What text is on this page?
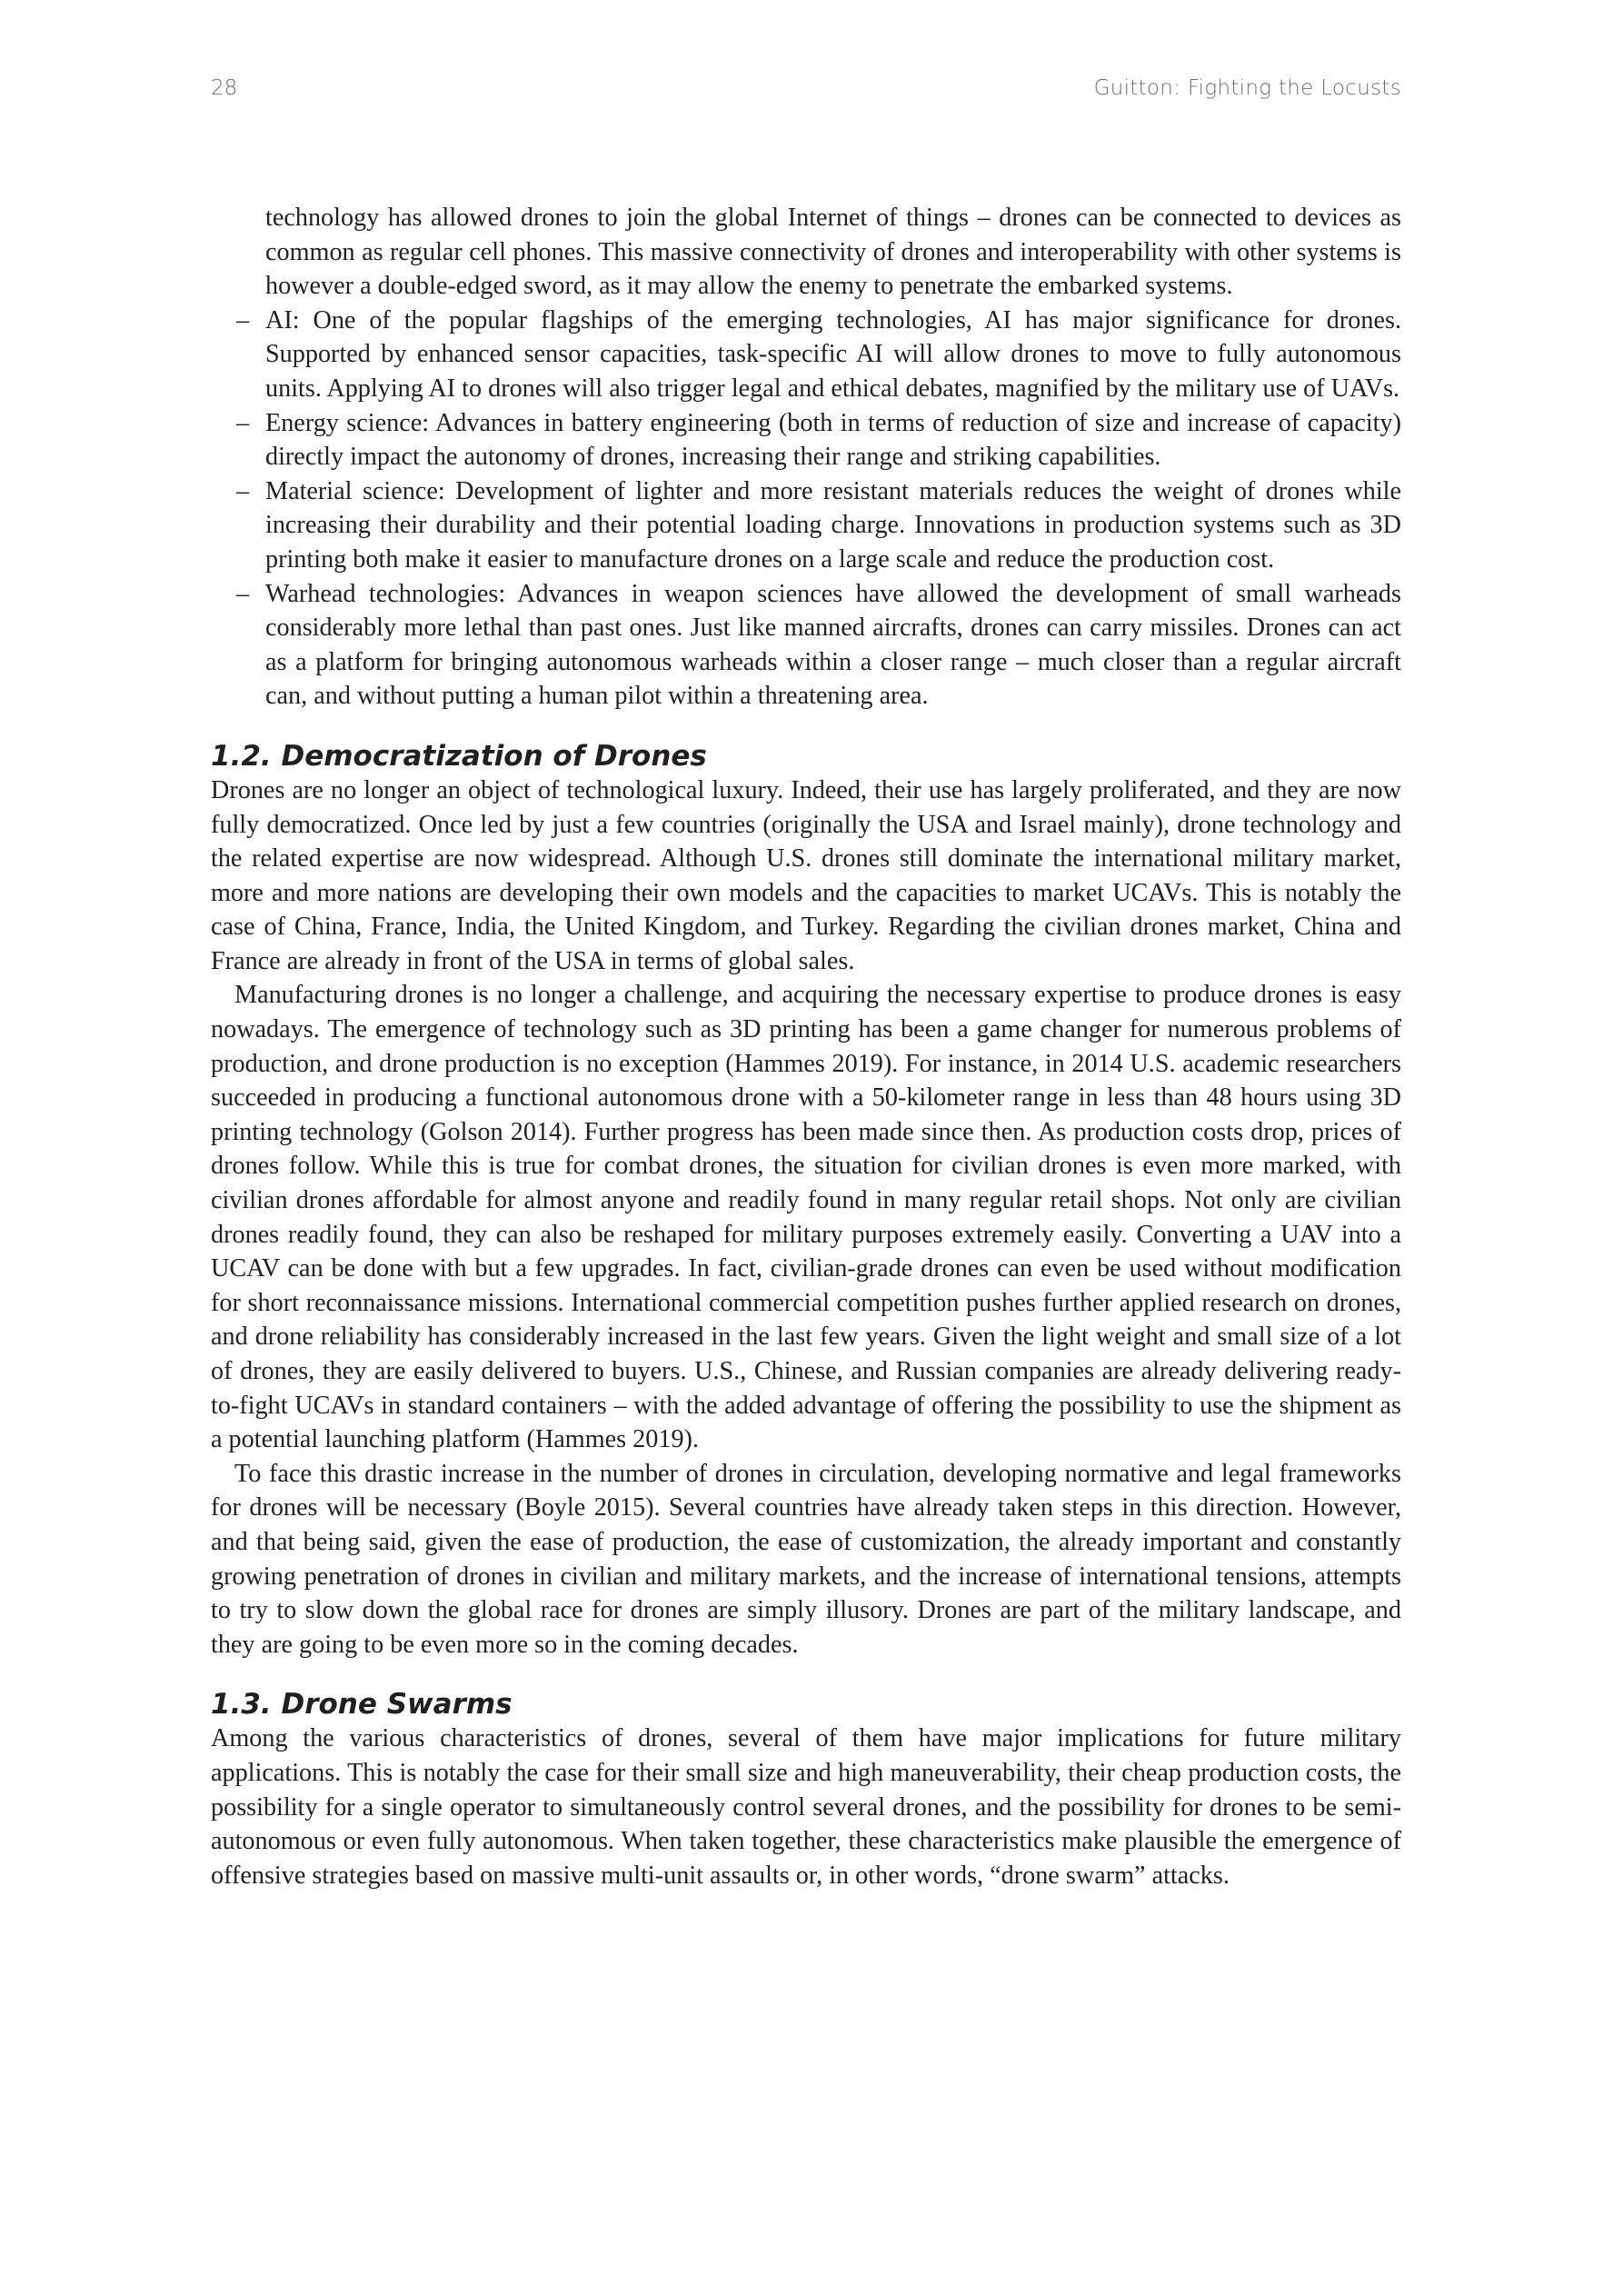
28	Guitton: Fighting the Locusts
technology has allowed drones to join the global Internet of things – drones can be connected to devices as common as regular cell phones. This massive connectivity of drones and interoperability with other systems is however a double-edged sword, as it may allow the enemy to penetrate the embarked systems.
– AI: One of the popular flagships of the emerging technologies, AI has major significance for drones. Supported by enhanced sensor capacities, task-specific AI will allow drones to move to fully autonomous units. Applying AI to drones will also trigger legal and ethical debates, magnified by the military use of UAVs.
– Energy science: Advances in battery engineering (both in terms of reduction of size and increase of capacity) directly impact the autonomy of drones, increasing their range and striking capabilities.
– Material science: Development of lighter and more resistant materials reduces the weight of drones while increasing their durability and their potential loading charge. Innovations in production systems such as 3D printing both make it easier to manufacture drones on a large scale and reduce the production cost.
– Warhead technologies: Advances in weapon sciences have allowed the development of small warheads considerably more lethal than past ones. Just like manned aircrafts, drones can carry missiles. Drones can act as a platform for bringing autonomous warheads within a closer range – much closer than a regular aircraft can, and without putting a human pilot within a threatening area.
1.2. Democratization of Drones

Drones are no longer an object of technological luxury. Indeed, their use has largely proliferated, and they are now fully democratized. Once led by just a few countries (originally the USA and Israel mainly), drone technology and the related expertise are now widespread. Although U.S. drones still dominate the international military market, more and more nations are developing their own models and the capacities to market UCAVs. This is notably the case of China, France, India, the United Kingdom, and Turkey. Regarding the civilian drones market, China and France are already in front of the USA in terms of global sales.

Manufacturing drones is no longer a challenge, and acquiring the necessary expertise to produce drones is easy nowadays. The emergence of technology such as 3D printing has been a game changer for numerous problems of production, and drone production is no exception (Hammes 2019). For instance, in 2014 U.S. academic researchers succeeded in producing a functional autonomous drone with a 50-kilometer range in less than 48 hours using 3D printing technology (Golson 2014). Further progress has been made since then. As production costs drop, prices of drones follow. While this is true for combat drones, the situation for civilian drones is even more marked, with civilian drones affordable for almost anyone and readily found in many regular retail shops. Not only are civilian drones readily found, they can also be reshaped for military purposes extremely easily. Converting a UAV into a UCAV can be done with but a few upgrades. In fact, civilian-grade drones can even be used without modification for short reconnaissance missions. International commercial competition pushes further applied research on drones, and drone reliability has considerably increased in the last few years. Given the light weight and small size of a lot of drones, they are easily delivered to buyers. U.S., Chinese, and Russian companies are already delivering ready-to-fight UCAVs in standard containers – with the added advantage of offering the possibility to use the shipment as a potential launching platform (Hammes 2019).

To face this drastic increase in the number of drones in circulation, developing normative and legal frameworks for drones will be necessary (Boyle 2015). Several countries have already taken steps in this direction. However, and that being said, given the ease of production, the ease of customization, the already important and constantly growing penetration of drones in civilian and military markets, and the increase of international tensions, attempts to try to slow down the global race for drones are simply illusory. Drones are part of the military landscape, and they are going to be even more so in the coming decades.

1.3. Drone Swarms

Among the various characteristics of drones, several of them have major implications for future military applications. This is notably the case for their small size and high maneuverability, their cheap production costs, the possibility for a single operator to simultaneously control several drones, and the possibility for drones to be semi-autonomous or even fully autonomous. When taken together, these characteristics make plausible the emergence of offensive strategies based on massive multi-unit assaults or, in other words, “drone swarm” attacks.
